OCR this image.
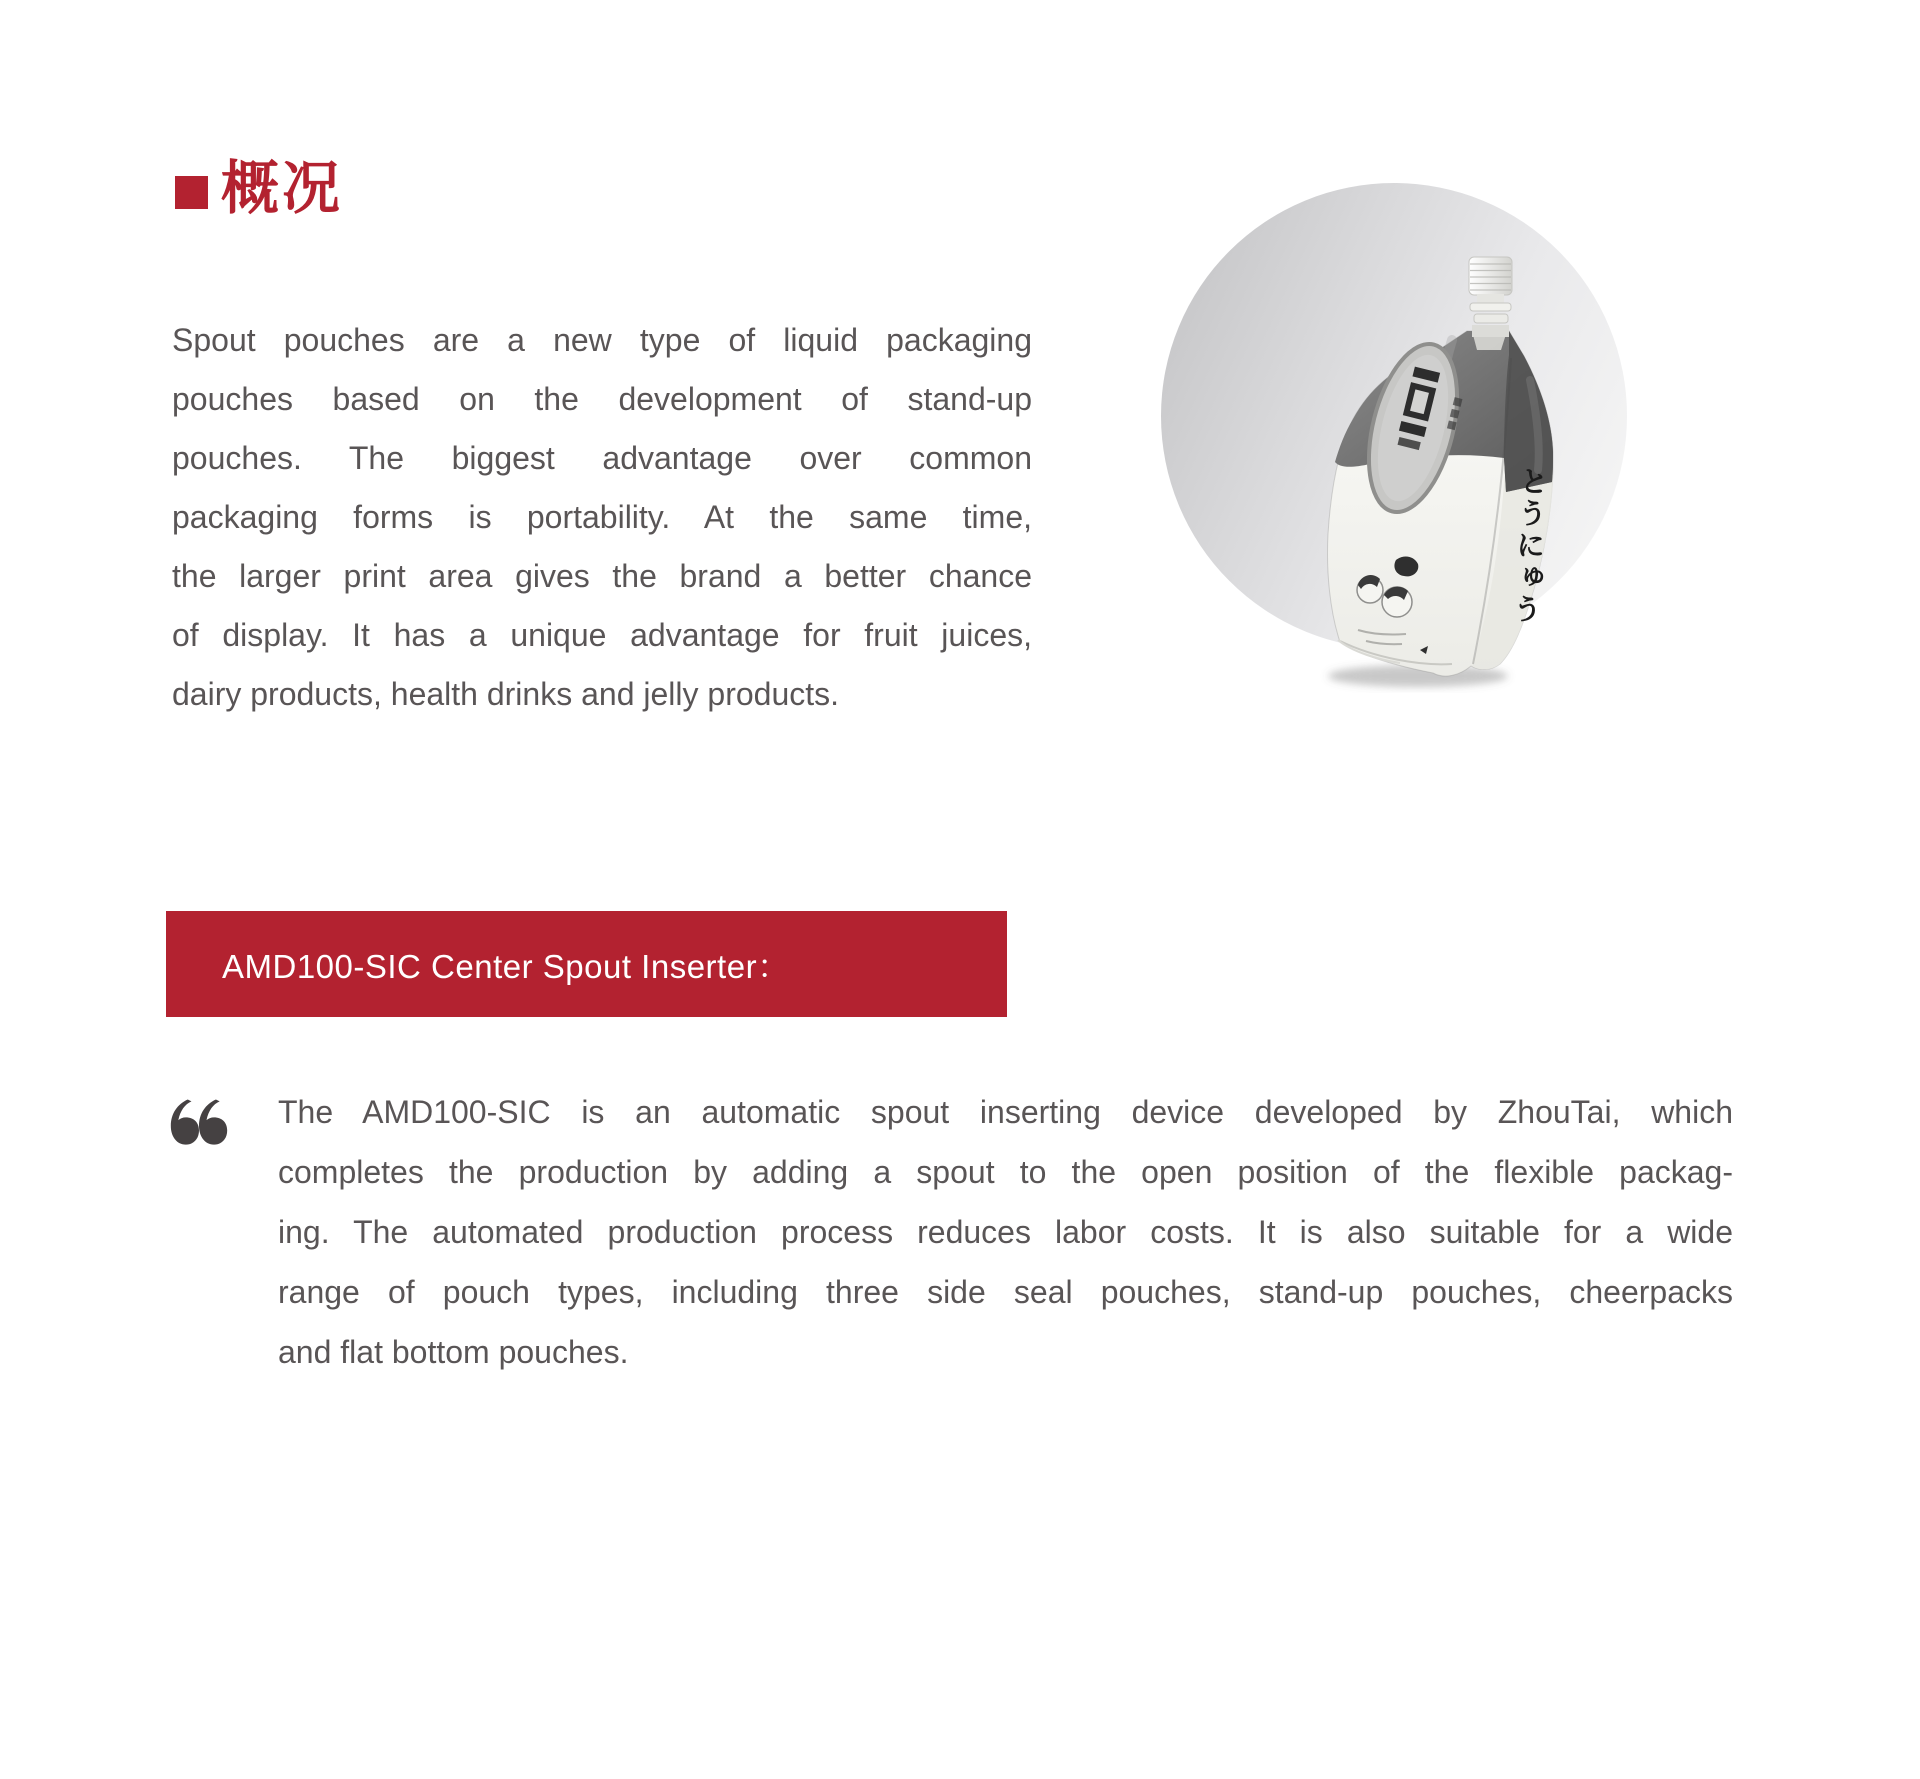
概况
Spout pouches are a new type of liquid packaging
pouches based on the development of stand-up
pouches. The biggest advantage over common
packaging forms is portability. At the same time,
the larger print area gives the brand a better chance
of display. It has a unique advantage for fruit juices,
dairy products, health drinks and jelly products.
とうにゅう
AMD100-SIC Center Spout Inserter：
The AMD100-SIC is an automatic spout inserting device developed by ZhouTai, which
completes the production by adding a spout to the open position of the flexible packag-
ing. The automated production process reduces labor costs. It is also suitable for a wide
range of pouch types, including three side seal pouches, stand-up pouches, cheerpacks
and flat bottom pouches.
